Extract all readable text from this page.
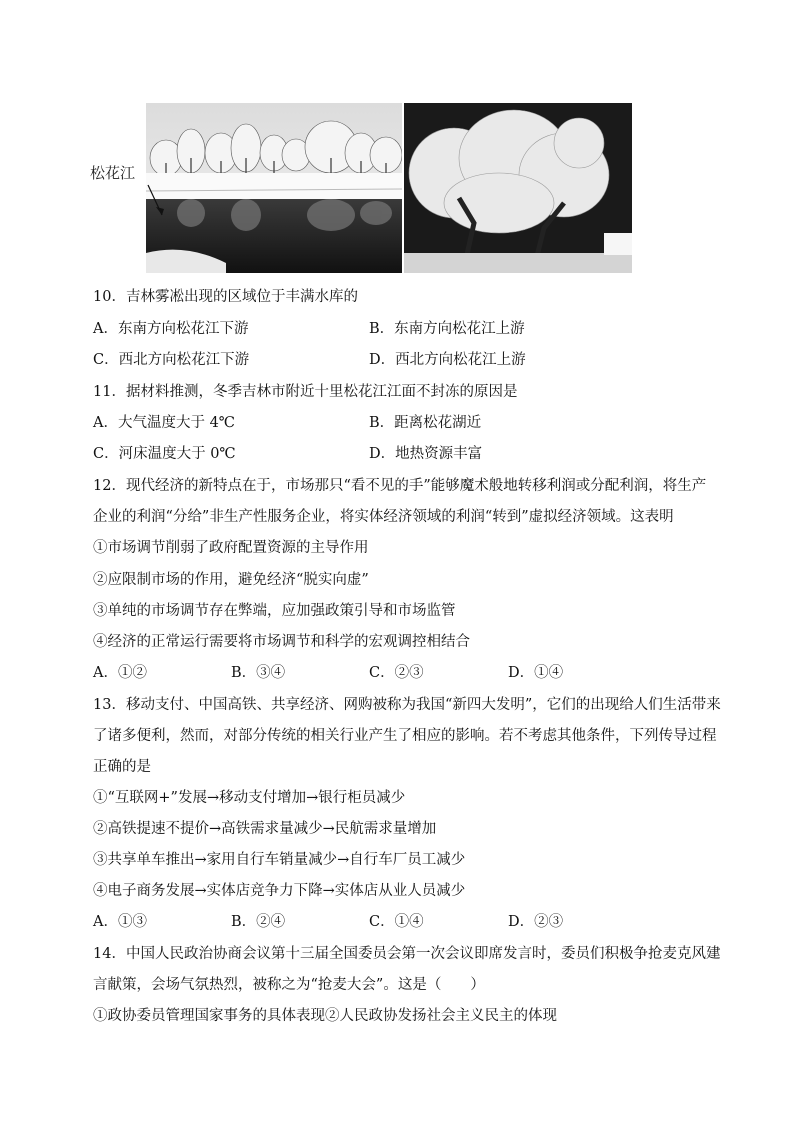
松花江
10．吉林雾凇出现的区域位于丰满水库的
A．东南方向松花江下游	B．东南方向松花江上游
C．西北方向松花江下游	D．西北方向松花江上游
11．据材料推测，冬季吉林市附近十里松花江江面不封冻的原因是
A．大气温度大于 4℃	B．距离松花湖近
C．河床温度大于 0℃	D．地热资源丰富
12．现代经济的新特点在于，市场那只“看不见的手”能够魔术般地转移利润或分配利润，将生产
企业的利润“分给”非生产性服务企业，将实体经济领域的利润“转到”虚拟经济领域。这表明
①市场调节削弱了政府配置资源的主导作用
②应限制市场的作用，避免经济“脱实向虚”
③单纯的市场调节存在弊端，应加强政策引导和市场监管
④经济的正常运行需要将市场调节和科学的宏观调控相结合
A．①②	B．③④	C．②③	D．①④
13．移动支付、中国高铁、共享经济、网购被称为我国“新四大发明”，它们的出现给人们生活带来
了诸多便利，然而，对部分传统的相关行业产生了相应的影响。若不考虑其他条件，下列传导过程
正确的是
①“互联网+”发展→移动支付增加→银行柜员减少
②高铁提速不提价→高铁需求量减少→民航需求量增加
③共享单车推出→家用自行车销量减少→自行车厂员工减少
④电子商务发展→实体店竞争力下降→实体店从业人员减少
A．①③	B．②④	C．①④	D．②③
14．中国人民政治协商会议第十三届全国委员会第一次会议即席发言时，委员们积极争抢麦克风建
言献策，会场气氛热烈，被称之为“抢麦大会”。这是（　　）
①政协委员管理国家事务的具体表现②人民政协发扬社会主义民主的体现
